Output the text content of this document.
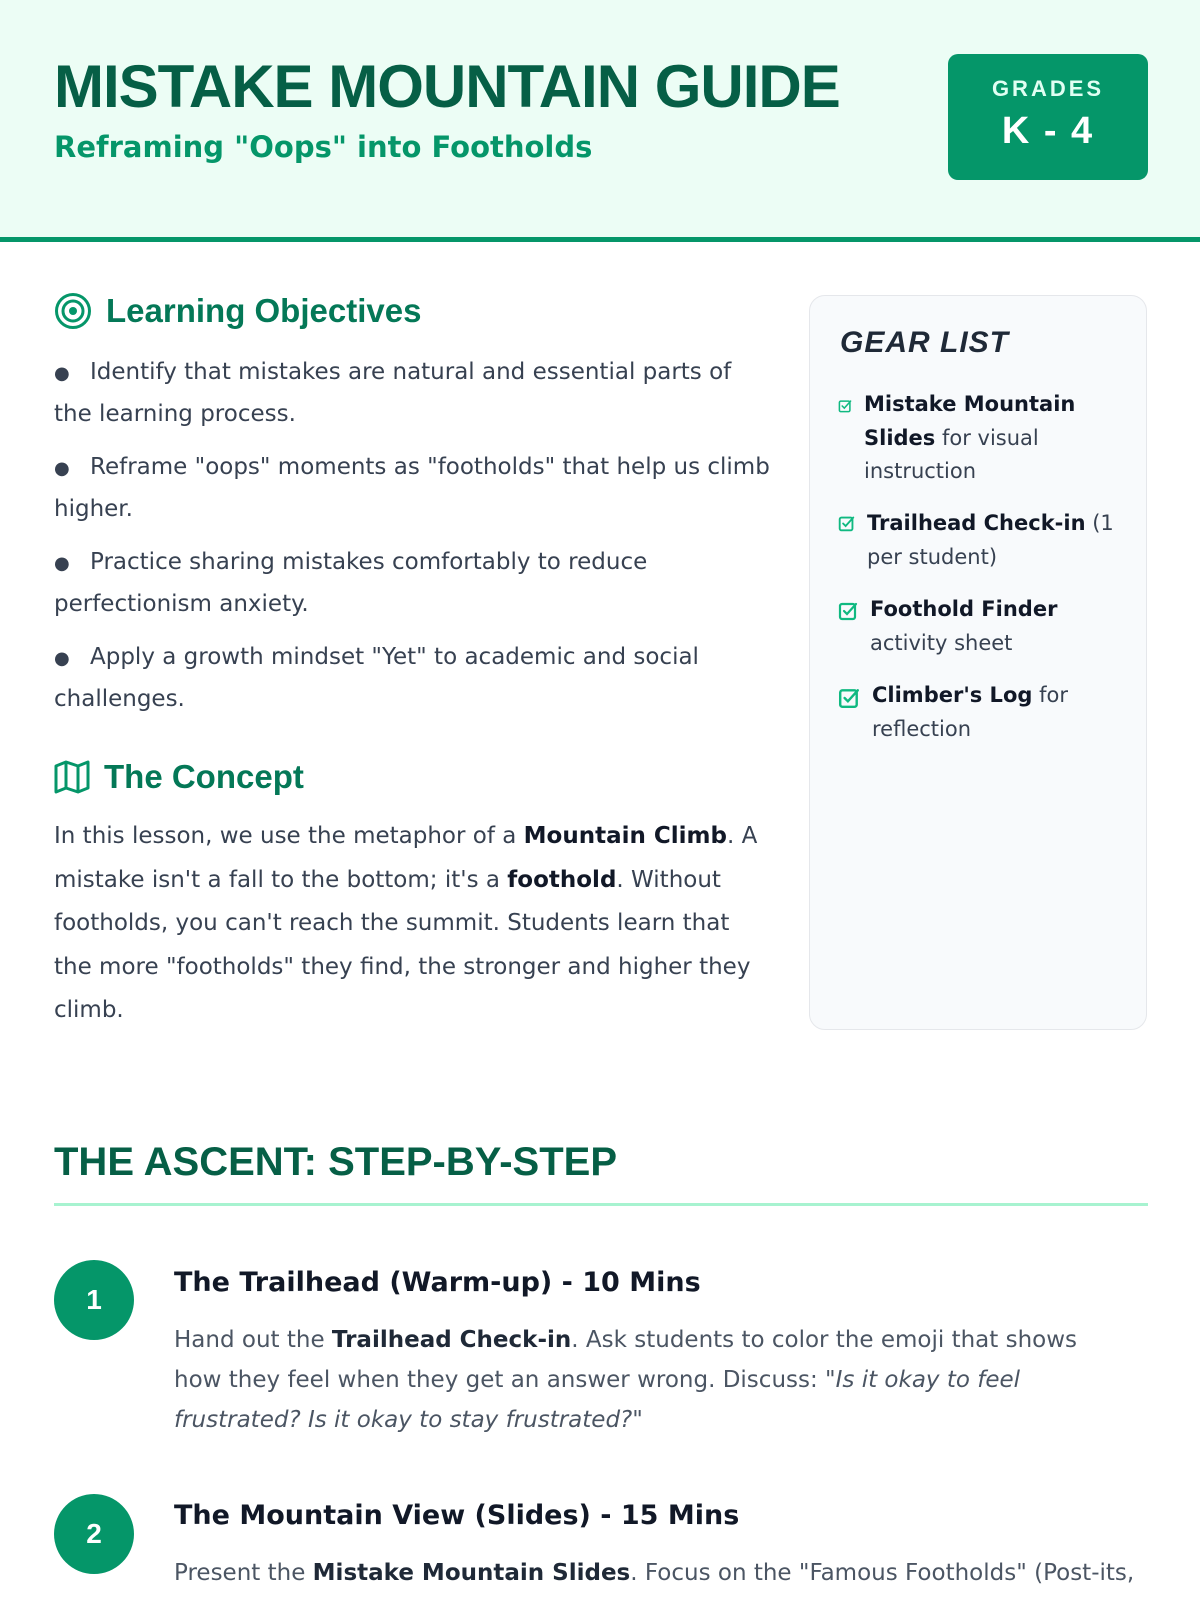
MISTAKE MOUNTAIN GUIDE
Reframing "Oops" into Footholds
GRADES
K - 4
Learning Objectives
● Identify that mistakes are natural and essential parts of the learning process.
● Reframe "oops" moments as "footholds" that help us climb higher.
● Practice sharing mistakes comfortably to reduce perfectionism anxiety.
● Apply a growth mindset "Yet" to academic and social challenges.
The Concept

In this lesson, we use the metaphor of a Mountain Climb. A mistake isn't a fall to the bottom; it's a foothold. Without footholds, you can't reach the summit. Students learn that the more "footholds" they find, the stronger and higher they climb.

GEAR LIST
Mistake Mountain Slides for visual instruction
Trailhead Check-in (1 per student)
Foothold Finder activity sheet
Climber's Log for reflection
THE ASCENT: STEP-BY-STEP
1
The Trailhead (Warm-up) - 10 Mins

Hand out the Trailhead Check-in. Ask students to color the emoji that shows how they feel when they get an answer wrong. Discuss: "Is it okay to feel frustrated? Is it okay to stay frustrated?"

2
The Mountain View (Slides) - 15 Mins

Present the Mistake Mountain Slides. Focus on the "Famous Footholds" (Post-its,
